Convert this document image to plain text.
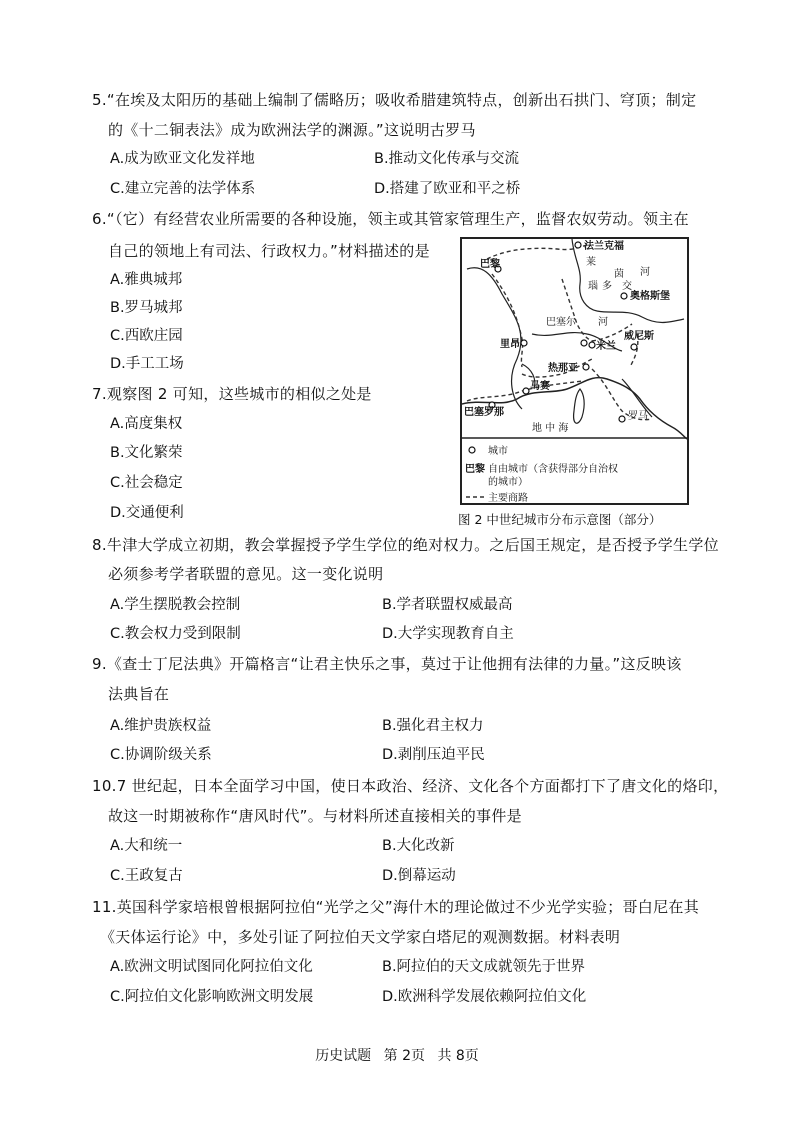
5.“在埃及太阳历的基础上编制了儒略历；吸收希腊建筑特点，创新出石拱门、穹顶；制定
的《十二铜表法》成为欧洲法学的渊源。”这说明古罗马
A.成为欧亚文化发祥地	B.推动文化传承与交流
C.建立完善的法学体系	D.搭建了欧亚和平之桥
6.“（它）有经营农业所需要的各种设施，领主或其管家管理生产，监督农奴劳动。领主在
自己的领地上有司法、行政权力。”材料描述的是
A.雅典城邦
B.罗马城邦
C.西欧庄园
D.手工工场
7.观察图 2 可知，这些城市的相似之处是
A.高度集权
B.文化繁荣
C.社会稳定
D.交通便利
法兰克福
巴黎	莱
茵 河
瑙 多 交
奥格斯堡
巴塞尔 河
威尼斯
里昂	米兰
热那亚
马赛
巴塞罗那	罗马
地 中 海
城市
巴黎 自由城市（含获得部分自治权
的城市）
主要商路
图 2 中世纪城市分布示意图（部分）
8.牛津大学成立初期，教会掌握授予学生学位的绝对权力。之后国王规定，是否授予学生学位
必须参考学者联盟的意见。这一变化说明
A.学生摆脱教会控制	B.学者联盟权威最高
C.教会权力受到限制	D.大学实现教育自主
9.《查士丁尼法典》开篇格言“让君主快乐之事，莫过于让他拥有法律的力量。”这反映该
法典旨在
A.维护贵族权益	B.强化君主权力
C.协调阶级关系	D.剥削压迫平民
10.7 世纪起，日本全面学习中国，使日本政治、经济、文化各个方面都打下了唐文化的烙印，
故这一时期被称作“唐风时代”。与材料所述直接相关的事件是
A.大和统一	B.大化改新
C.王政复古	D.倒幕运动
11.英国科学家培根曾根据阿拉伯“光学之父”海什木的理论做过不少光学实验；哥白尼在其
《天体运行论》中，多处引证了阿拉伯天文学家白塔尼的观测数据。材料表明
A.欧洲文明试图同化阿拉伯文化	B.阿拉伯的天文成就领先于世界
C.阿拉伯文化影响欧洲文明发展	D.欧洲科学发展依赖阿拉伯文化
历史试题 第 2页 共 8页
